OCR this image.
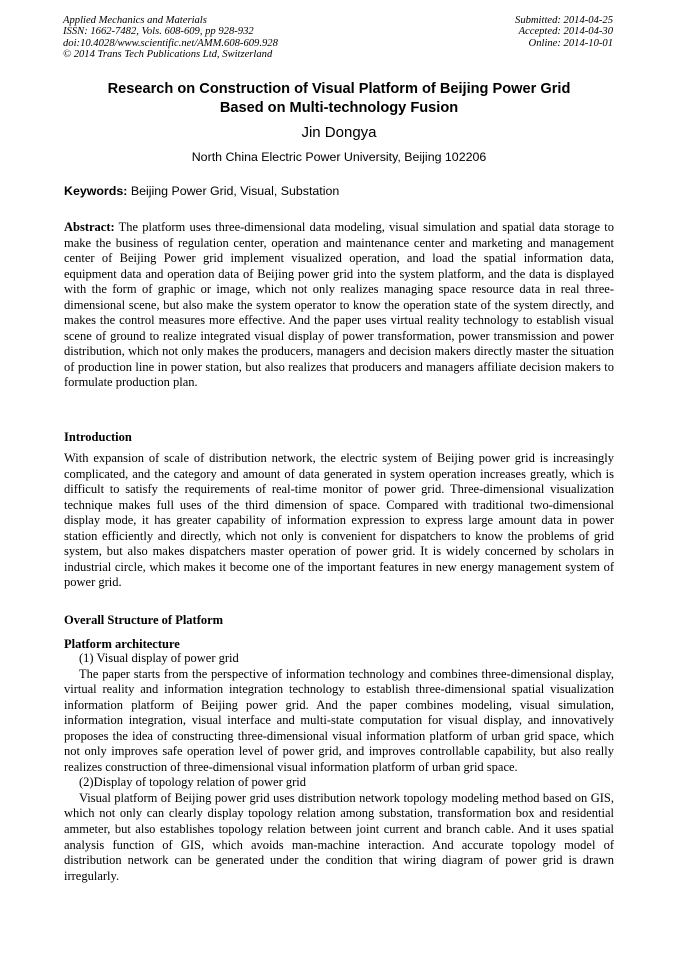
Applied Mechanics and Materials
ISSN: 1662-7482, Vols. 608-609, pp 928-932
doi:10.4028/www.scientific.net/AMM.608-609.928
© 2014 Trans Tech Publications Ltd, Switzerland
Submitted: 2014-04-25
Accepted: 2014-04-30
Online: 2014-10-01
Research on Construction of Visual Platform of Beijing Power Grid
Based on Multi-technology Fusion
Jin Dongya
North China Electric Power University, Beijing 102206
Keywords: Beijing Power Grid, Visual, Substation

Abstract: The platform uses three-dimensional data modeling, visual simulation and spatial data storage to make the business of regulation center, operation and maintenance center and marketing and management center of Beijing Power grid implement visualized operation, and load the spatial information data, equipment data and operation data of Beijing power grid into the system platform, and the data is displayed with the form of graphic or image, which not only realizes managing space resource data in real three-dimensional scene, but also make the system operator to know the operation state of the system directly, and makes the control measures more effective. And the paper uses virtual reality technology to establish visual scene of ground to realize integrated visual display of power transformation, power transmission and power distribution, which not only makes the producers, managers and decision makers directly master the situation of production line in power station, but also realizes that producers and managers affiliate decision makers to formulate production plan.

Introduction

With expansion of scale of distribution network, the electric system of Beijing power grid is increasingly complicated, and the category and amount of data generated in system operation increases greatly, which is difficult to satisfy the requirements of real-time monitor of power grid. Three-dimensional visualization technique makes full uses of the third dimension of space. Compared with traditional two-dimensional display mode, it has greater capability of information expression to express large amount data in power station efficiently and directly, which not only is convenient for dispatchers to know the problems of grid system, but also makes dispatchers master operation of power grid. It is widely concerned by scholars in industrial circle, which makes it become one of the important features in new energy management system of power grid.

Overall Structure of Platform
Platform architecture

(1) Visual display of power grid

The paper starts from the perspective of information technology and combines three-dimensional display, virtual reality and information integration technology to establish three-dimensional spatial visualization information platform of Beijing power grid. And the paper combines modeling, visual simulation, information integration, visual interface and multi-state computation for visual display, and innovatively proposes the idea of constructing three-dimensional visual information platform of urban grid space, which not only improves safe operation level of power grid, and improves controllable capability, but also really realizes construction of three-dimensional visual information platform of urban grid space.

(2)Display of topology relation of power grid

Visual platform of Beijing power grid uses distribution network topology modeling method based on GIS, which not only can clearly display topology relation among substation, transformation box and residential ammeter, but also establishes topology relation between joint current and branch cable. And it uses spatial analysis function of GIS, which avoids man-machine interaction. And accurate topology model of distribution network can be generated under the condition that wiring diagram of power grid is drawn irregularly.
